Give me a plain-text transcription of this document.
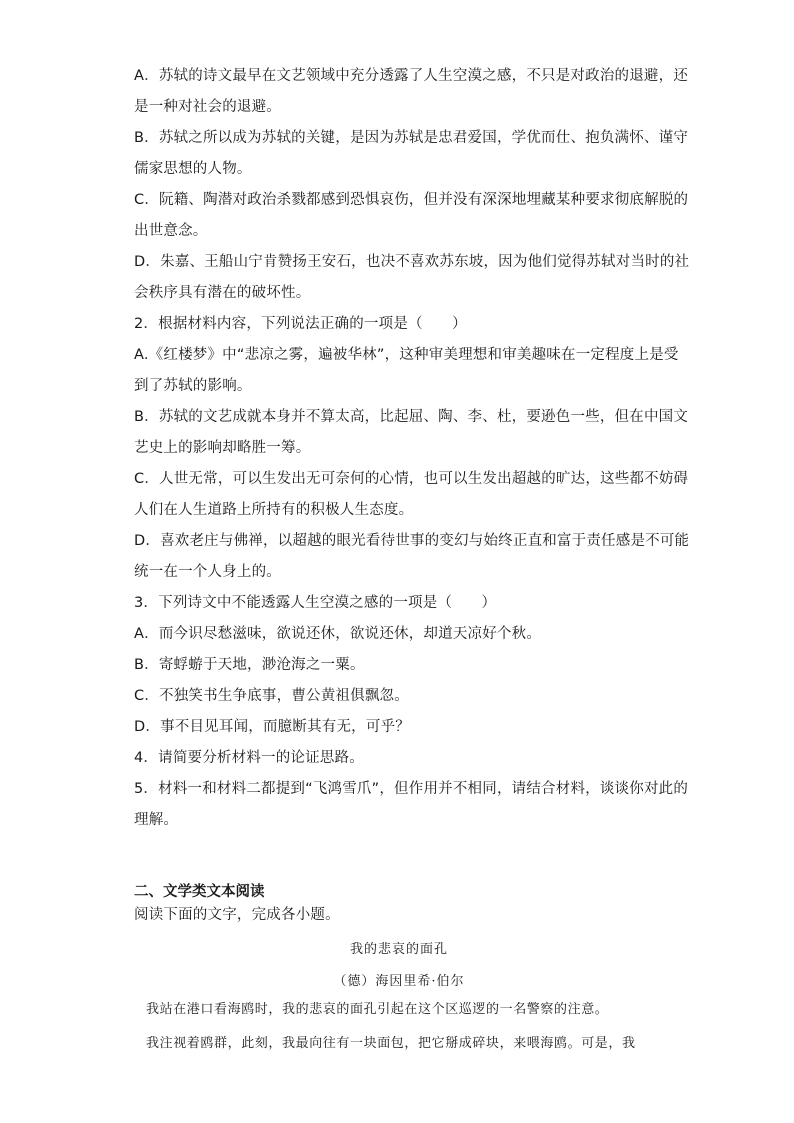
A．苏轼的诗文最早在文艺领域中充分透露了人生空漠之感，不只是对政治的退避，还
是一种对社会的退避。
B．苏轼之所以成为苏轼的关键，是因为苏轼是忠君爱国，学优而仕、抱负满怀、谨守
儒家思想的人物。
C．阮籍、陶潜对政治杀戮都感到恐惧哀伤，但并没有深深地埋藏某种要求彻底解脱的
出世意念。
D．朱嘉、王船山宁肯赞扬王安石，也决不喜欢苏东坡，因为他们觉得苏轼对当时的社
会秩序具有潜在的破坏性。
2．根据材料内容，下列说法正确的一项是（　　）
A.《红楼梦》中“悲凉之雾，遍被华林”，这种审美理想和审美趣味在一定程度上是受
到了苏轼的影响。
B．苏轼的文艺成就本身并不算太高，比起屈、陶、李、杜，要逊色一些，但在中国文
艺史上的影响却略胜一筹。
C．人世无常，可以生发出无可奈何的心情，也可以生发出超越的旷达，这些都不妨碍
人们在人生道路上所持有的积极人生态度。
D．喜欢老庄与佛禅，以超越的眼光看待世事的变幻与始终正直和富于责任感是不可能
统一在一个人身上的。
3．下列诗文中不能透露人生空漠之感的一项是（　　）
A．而今识尽愁滋味，欲说还休，欲说还休，却道天凉好个秋。
B．寄蜉蝣于天地，渺沧海之一粟。
C．不独笑书生争底事，曹公黄祖俱飘忽。
D．事不目见耳闻，而臆断其有无，可乎？
4．请简要分析材料一的论证思路。
5．材料一和材料二都提到“飞鸿雪爪”，但作用并不相同，请结合材料，谈谈你对此的
理解。
二、文学类文本阅读
阅读下面的文字，完成各小题。
我的悲哀的面孔
（德）海因里希·伯尔
我站在港口看海鸥时，我的悲哀的面孔引起在这个区巡逻的一名警察的注意。
我注视着鸥群，此刻，我最向往有一块面包，把它掰成碎块，来喂海鸥。可是，我
